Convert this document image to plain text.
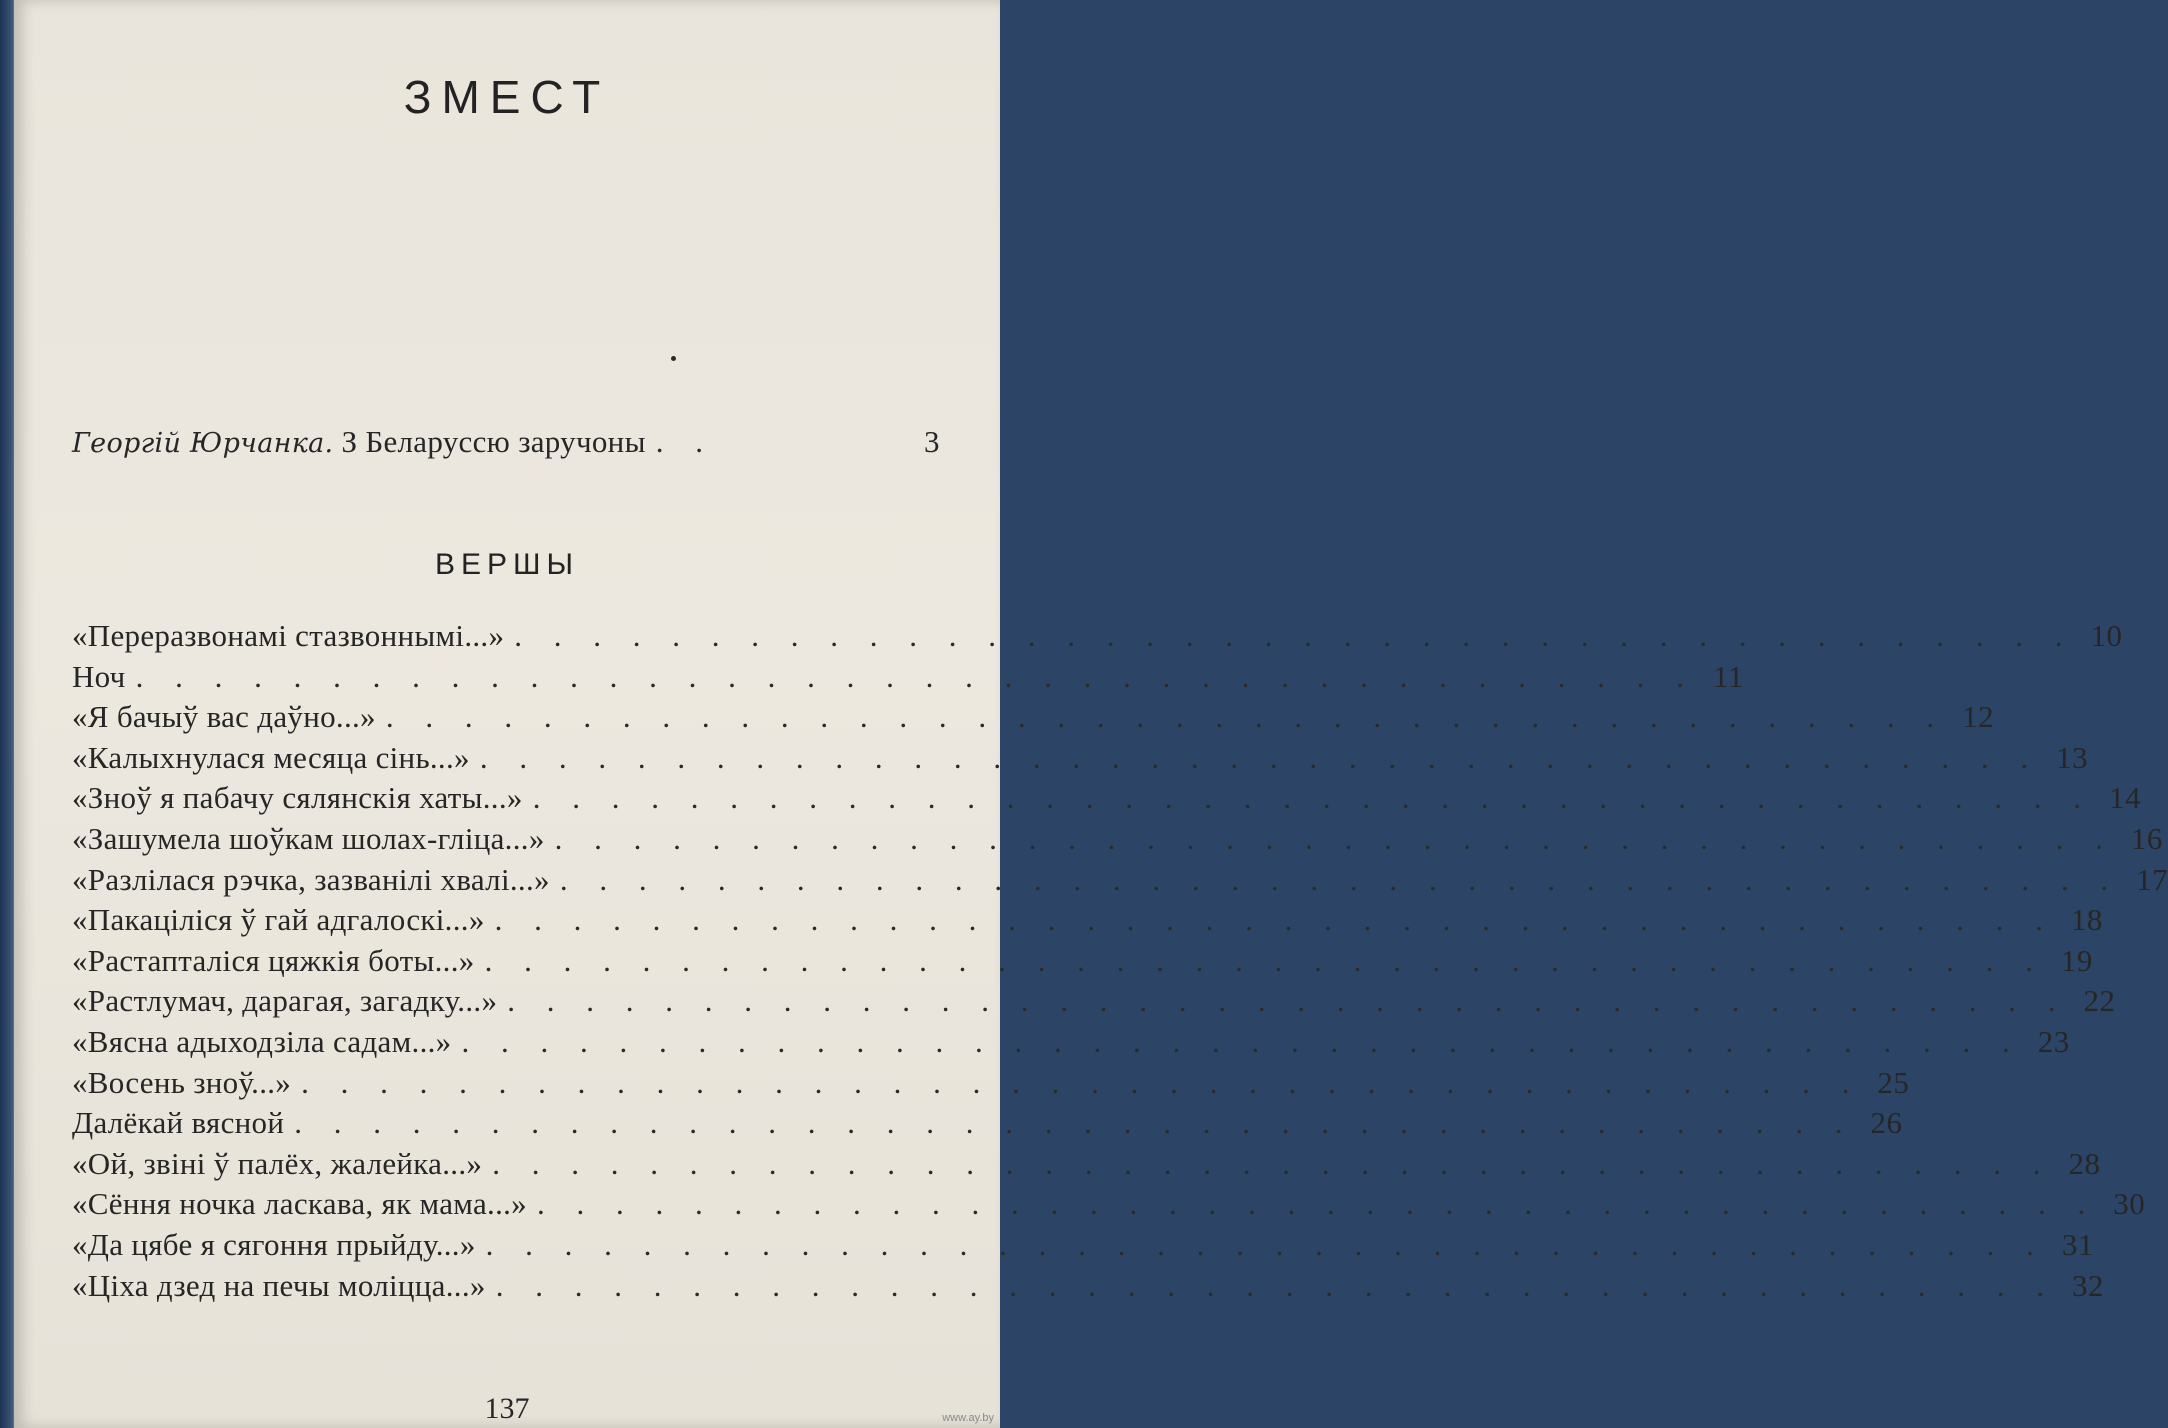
ЗМЕСТ
Георгій Юрчанка. З Беларуссю заручоны . .	3
ВЕРШЫ
«Переразвонамі стазвоннымі...» . . . . . . . . . . . . . . . . . . . . . . . . . . . . . . . . . . . . . . . . 10
Ноч . . . . . . . . . . . . . . . . . . . . . . . . . . . . . . . . . . . . . . . . 11
«Я бачыў вас даўно...» . . . . . . . . . . . . . . . . . . . . . . . . . . . . . . . . . . . . . . . . 12
«Калыхнулася месяца сінь...» . . . . . . . . . . . . . . . . . . . . . . . . . . . . . . . . . . . . . . . . 13
«Зноў я пабачу сялянскія хаты...» . . . . . . . . . . . . . . . . . . . . . . . . . . . . . . . . . . . . . . . . 14
«Зашумела шоўкам шолах-гліца...» . . . . . . . . . . . . . . . . . . . . . . . . . . . . . . . . . . . . . . . . 16
«Разлілася рэчка, зазванілі хвалі...» . . . . . . . . . . . . . . . . . . . . . . . . . . . . . . . . . . . . . . . . 17
«Пакаціліся ў гай адгалоскі...» . . . . . . . . . . . . . . . . . . . . . . . . . . . . . . . . . . . . . . . . 18
«Растапталіся цяжкія боты...» . . . . . . . . . . . . . . . . . . . . . . . . . . . . . . . . . . . . . . . . 19
«Растлумач, дарагая, загадку...» . . . . . . . . . . . . . . . . . . . . . . . . . . . . . . . . . . . . . . . . 22
«Вясна адыходзіла садам...» . . . . . . . . . . . . . . . . . . . . . . . . . . . . . . . . . . . . . . . . 23
«Восень зноў...» . . . . . . . . . . . . . . . . . . . . . . . . . . . . . . . . . . . . . . . . 25
Далёкай вясной . . . . . . . . . . . . . . . . . . . . . . . . . . . . . . . . . . . . . . . . 26
«Ой, звіні ў палёх, жалейка...» . . . . . . . . . . . . . . . . . . . . . . . . . . . . . . . . . . . . . . . . 28
«Сёння ночка ласкава, як мама...» . . . . . . . . . . . . . . . . . . . . . . . . . . . . . . . . . . . . . . . . 30
«Да цябе я сягоння прыйду...» . . . . . . . . . . . . . . . . . . . . . . . . . . . . . . . . . . . . . . . . 31
«Ціха дзед на печы моліцца...» . . . . . . . . . . . . . . . . . . . . . . . . . . . . . . . . . . . . . . . . 32
137	www.ay.by
